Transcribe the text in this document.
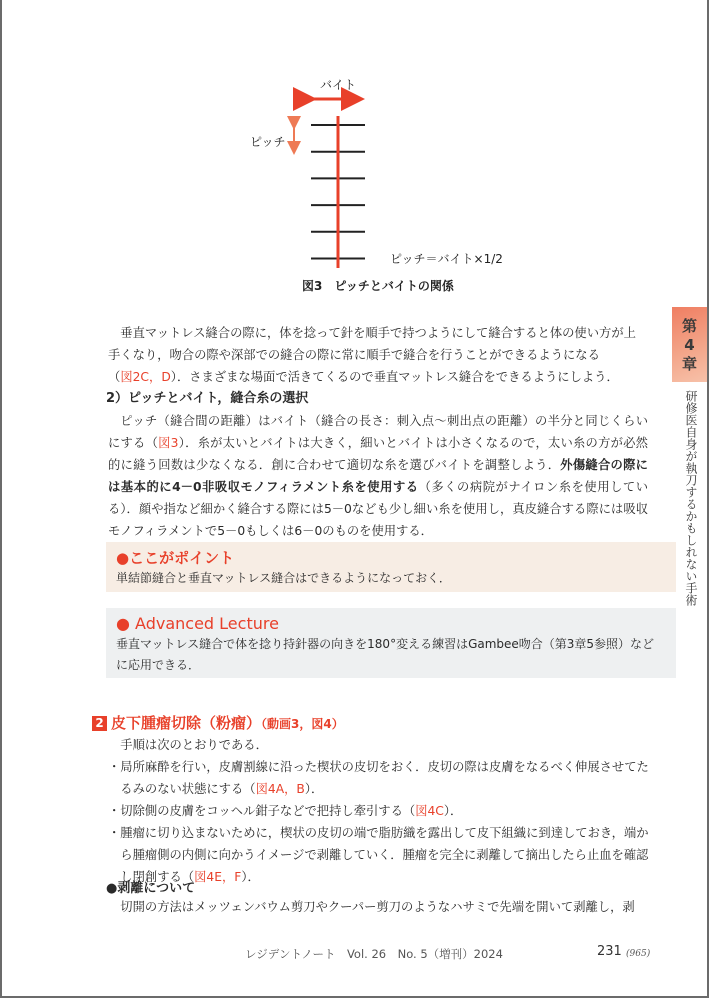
バイト
ピッチ
ピッチ＝バイト×1/2
図3　ピッチとバイトの関係

垂直マットレス縫合の際に，体を捻って針を順手で持つようにして縫合すると体の使い方が上

手くなり，吻合の際や深部での縫合の際に常に順手で縫合を行うことができるようになる

（図2C，D）．さまざまな場面で活きてくるので垂直マットレス縫合をできるようにしよう．

2）ピッチとバイト，縫合糸の選択
ピッチ（縫合間の距離）はバイト（縫合の長さ：刺入点〜刺出点の距離）の半分と同じくらいにする（図3）．糸が太いとバイトは大きく，細いとバイトは小さくなるので，太い糸の方が必然的に縫う回数は少なくなる．創に合わせて適切な糸を選びバイトを調整しよう．外傷縫合の際には基本的に4－0非吸収モノフィラメント糸を使用する（多くの病院がナイロン糸を使用している）．顔や指など細かく縫合する際には5－0なども少し細い糸を使用し，真皮縫合する際には吸収モノフィラメントで5－0もしくは6－0のものを使用する．
●ここがポイント
単結節縫合と垂直マットレス縫合はできるようになっておく．
● Advanced Lecture
垂直マットレス縫合で体を捻り持針器の向きを180°変える練習はGambee吻合（第3章5参照）などに応用できる．
2 皮下腫瘤切除（粉瘤）（動画3，図4）

手順は次のとおりである．

・局所麻酔を行い，皮膚割線に沿った楔状の皮切をおく．皮切の際は皮膚をなるべく伸展させてたるみのない状態にする（図4A，B）．

・切除側の皮膚をコッヘル鉗子などで把持し牽引する（図4C）．

・腫瘤に切り込まないために，楔状の皮切の端で脂肪織を露出して皮下組織に到達しておき，端から腫瘤側の内側に向かうイメージで剥離していく．腫瘤を完全に剥離して摘出したら止血を確認し閉創する（図4E，F）．

●剥離について
切開の方法はメッツェンバウム剪刀やクーパー剪刀のようなハサミで先端を開いて剥離し，剥
第
4
章
研修医自身が執刀するかもしれない手術
レジデントノート　Vol. 26　No. 5（増刊）2024	231 (965)
